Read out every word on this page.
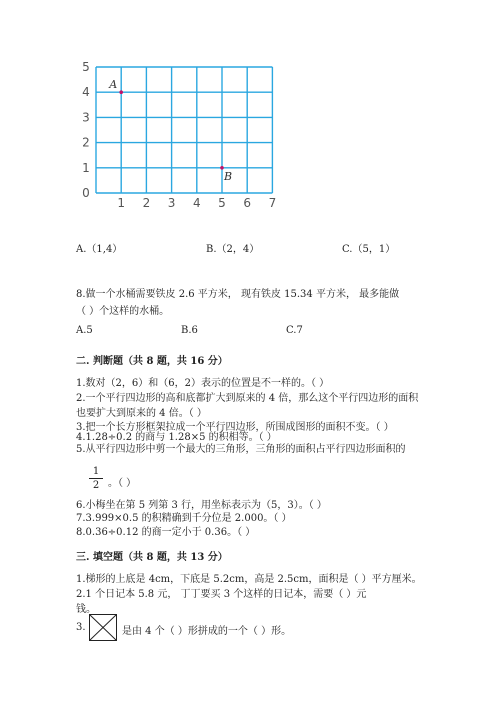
1 2 3 4 5 6 7
0
1
2
3
4
5
A
B
A.（1,4）	B.（2，4）	C.（5，1）
8.做一个水桶需要铁皮 2.6 平方米， 现有铁皮 15.34 平方米， 最多能做
（ ）个这样的水桶。
A.5	B.6	C.7
二. 判断题（共 8 题，共 16 分）
1.数对（2，6）和（6，2）表示的位置是不一样的。（ ）
2.一个平行四边形的高和底都扩大到原来的 4 倍，那么这个平行四边形的面积
也要扩大到原来的 4 倍。（ ）
3.把一个长方形框架拉成一个平行四边形，所围成图形的面积不变。（ ）
4.1.28÷0.2 的商与 1.28×5 的积相等。（ ）
5.从平行四边形中剪一个最大的三角形，三角形的面积占平行四边形面积的
1
2 。（ ）
6.小梅坐在第 5 列第 3 行，用坐标表示为（5，3）。（ ）
7.3.999×0.5 的积精确到千分位是 2.000。（ ）
8.0.36÷0.12 的商一定小于 0.36。（ ）
三. 填空题（共 8 题，共 13 分）
1.梯形的上底是 4cm，下底是 5.2cm，高是 2.5cm，面积是（ ）平方厘米。
2.1 个日记本 5.8 元， 丁丁要买 3 个这样的日记本，需要（ ）元
钱。
3.	是由 4 个（ ）形拼成的一个（ ）形。
